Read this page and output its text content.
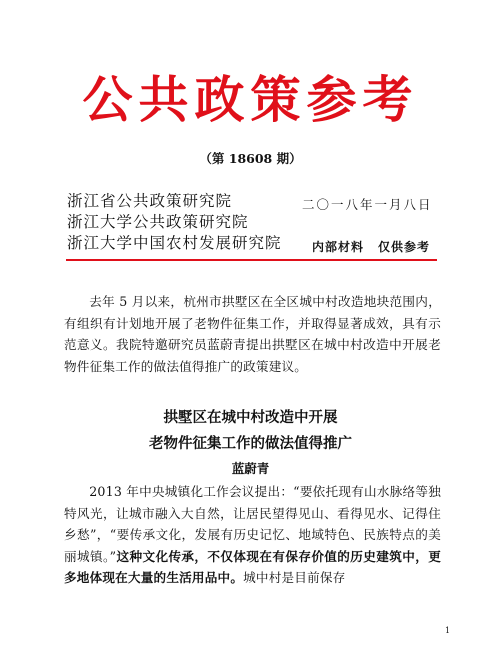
公共政策参考
（第 18608 期）
浙江省公共政策研究院
浙江大学公共政策研究院
浙江大学中国农村发展研究院
二〇一八年一月八日
内部材料 仅供参考

去年 5 月以来，杭州市拱墅区在全区城中村改造地块范围内，有组织有计划地开展了老物件征集工作，并取得显著成效，具有示范意义。我院特邀研究员蓝蔚青提出拱墅区在城中村改造中开展老物件征集工作的做法值得推广的政策建议。

拱墅区在城中村改造中开展
老物件征集工作的做法值得推广
蓝蔚青

2013 年中央城镇化工作会议提出：“要依托现有山水脉络等独特风光，让城市融入大自然，让居民望得见山、看得见水、记得住乡愁”，“要传承文化，发展有历史记忆、地域特色、民族特点的美丽城镇。”这种文化传承，不仅体现在有保存价值的历史建筑中，更多地体现在大量的生活用品中。城中村是目前保存

1
